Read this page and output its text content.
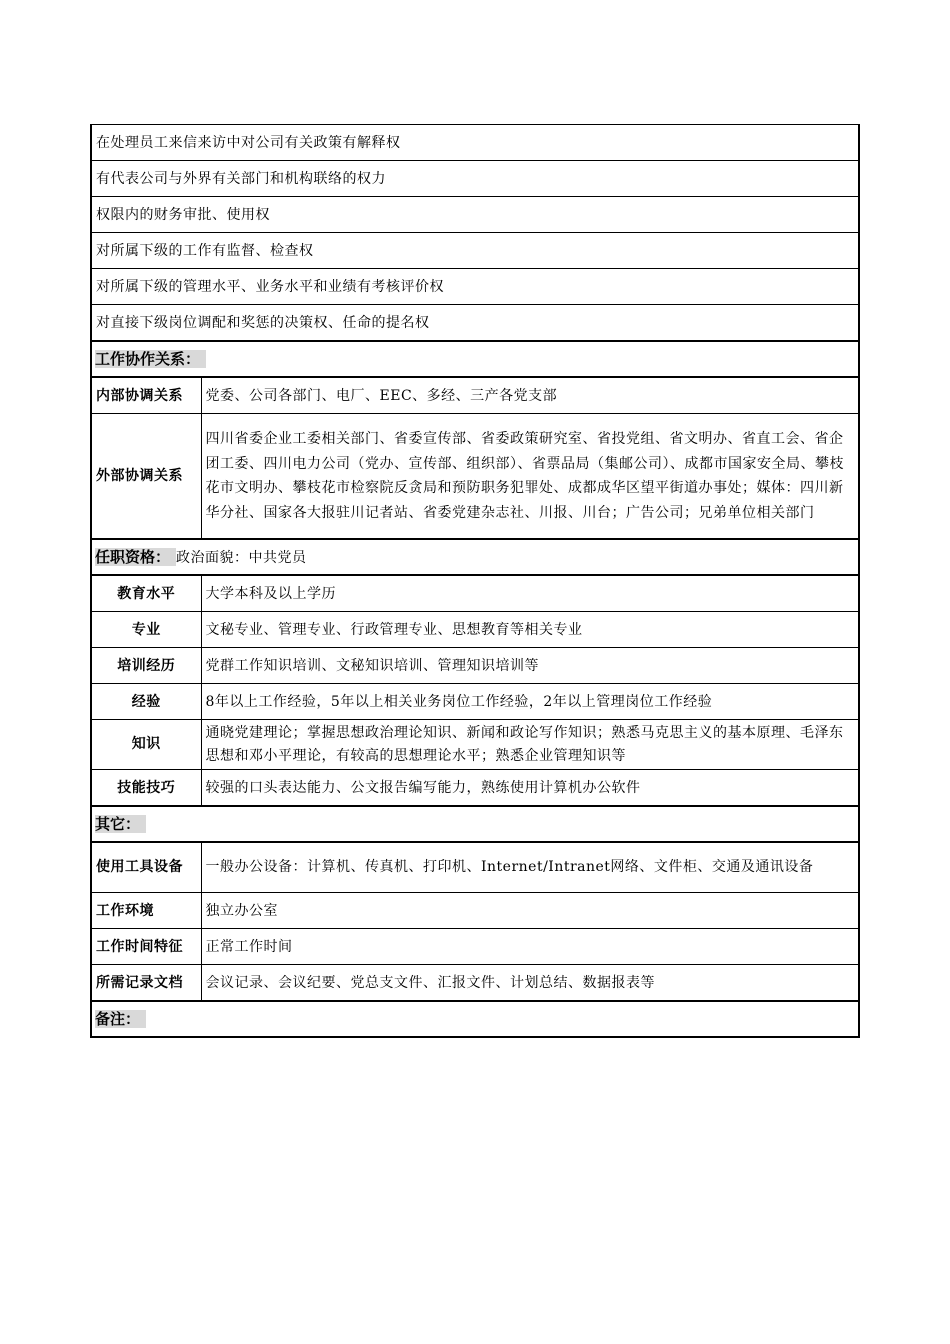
在处理员工来信来访中对公司有关政策有解释权	
有代表公司与外界有关部门和机构联络的权力	
权限内的财务审批、使用权	
对所属下级的工作有监督、检查权	
对所属下级的管理水平、业务水平和业绩有考核评价权	
对直接下级岗位调配和奖惩的决策权、任命的提名权	
工作协作关系：	
内部协调关系	党委、公司各部门、电厂、EEC、多经、三产各党支部
外部协调关系	四川省委企业工委相关部门、省委宣传部、省委政策研究室、省投党组、省文明办、省直工会、省企团工委、四川电力公司（党办、宣传部、组织部）、省票品局（集邮公司）、成都市国家安全局、攀枝花市文明办、攀枝花市检察院反贪局和预防职务犯罪处、成都成华区望平街道办事处；媒体：四川新华分社、国家各大报驻川记者站、省委党建杂志社、川报、川台；广告公司；兄弟单位相关部门
任职资格： 政治面貌：中共党员	
教育水平	大学本科及以上学历
专业	文秘专业、管理专业、行政管理专业、思想教育等相关专业
培训经历	党群工作知识培训、文秘知识培训、管理知识培训等
经验	8年以上工作经验，5年以上相关业务岗位工作经验，2年以上管理岗位工作经验
知识	通晓党建理论；掌握思想政治理论知识、新闻和政论写作知识；熟悉马克思主义的基本原理、毛泽东思想和邓小平理论，有较高的思想理论水平；熟悉企业管理知识等
技能技巧	较强的口头表达能力、公文报告编写能力，熟练使用计算机办公软件
其它：	
使用工具设备	一般办公设备：计算机、传真机、打印机、Internet/Intranet网络、文件柜、交通及通讯设备
工作环境	独立办公室
工作时间特征	正常工作时间
所需记录文档	会议记录、会议纪要、党总支文件、汇报文件、计划总结、数据报表等
备注：	
